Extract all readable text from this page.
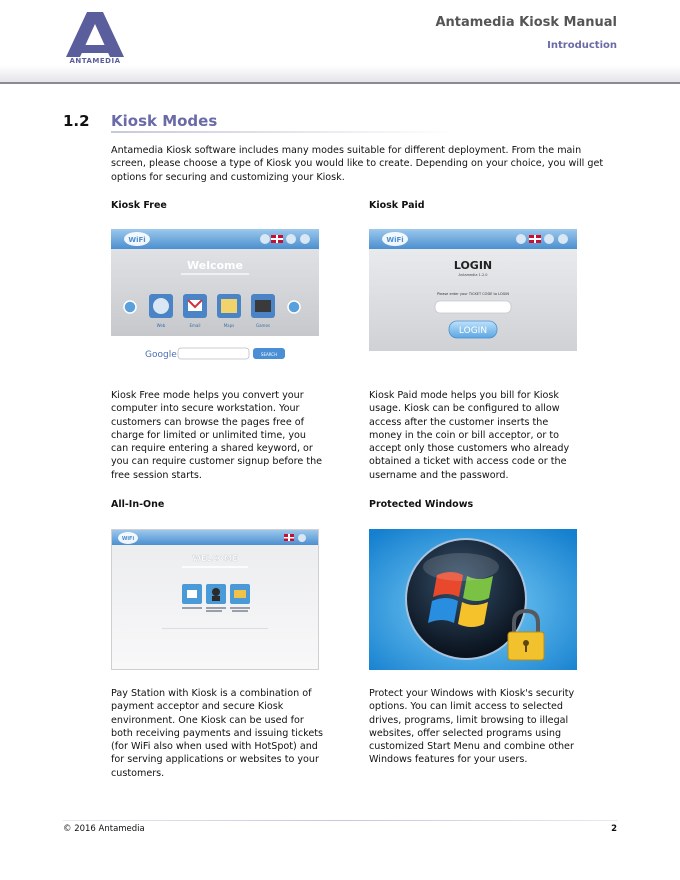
ANTAMEDIA
Antamedia Kiosk Manual
Introduction
1.2 Kiosk Modes
Antamedia Kiosk software includes many modes suitable for different deployment. From the main screen, please choose a type of Kiosk you would like to create. Depending on your choice, you will get options for securing and customizing your Kiosk.
Kiosk Free
WiFi
Welcome
Web	Email	Maps	Games
Google	SEARCH
Kiosk Free mode helps you convert your computer into secure workstation. Your customers can browse the pages free of charge for limited or unlimited time, you can require entering a shared keyword, or you can require customer signup before the free session starts.
Kiosk Paid
WiFi
LOGIN
Antamedia 1.2.0
Please enter your TICKET CODE to LOGIN
LOGIN
Kiosk Paid mode helps you bill for Kiosk usage. Kiosk can be configured to allow access after the customer inserts the money in the coin or bill acceptor, or to accept only those customers who already obtained a ticket with access code or the username and the password.
All-In-One
WiFi
WELCOME
Pay Station with Kiosk is a combination of payment acceptor and secure Kiosk environment. One Kiosk can be used for both receiving payments and issuing tickets (for WiFi also when used with HotSpot) and for serving applications or websites to your customers.
Protected Windows
Protect your Windows with Kiosk's security options. You can limit access to selected drives, programs, limit browsing to illegal websites, offer selected programs using customized Start Menu and combine other Windows features for your users.
© 2016 Antamedia	2
